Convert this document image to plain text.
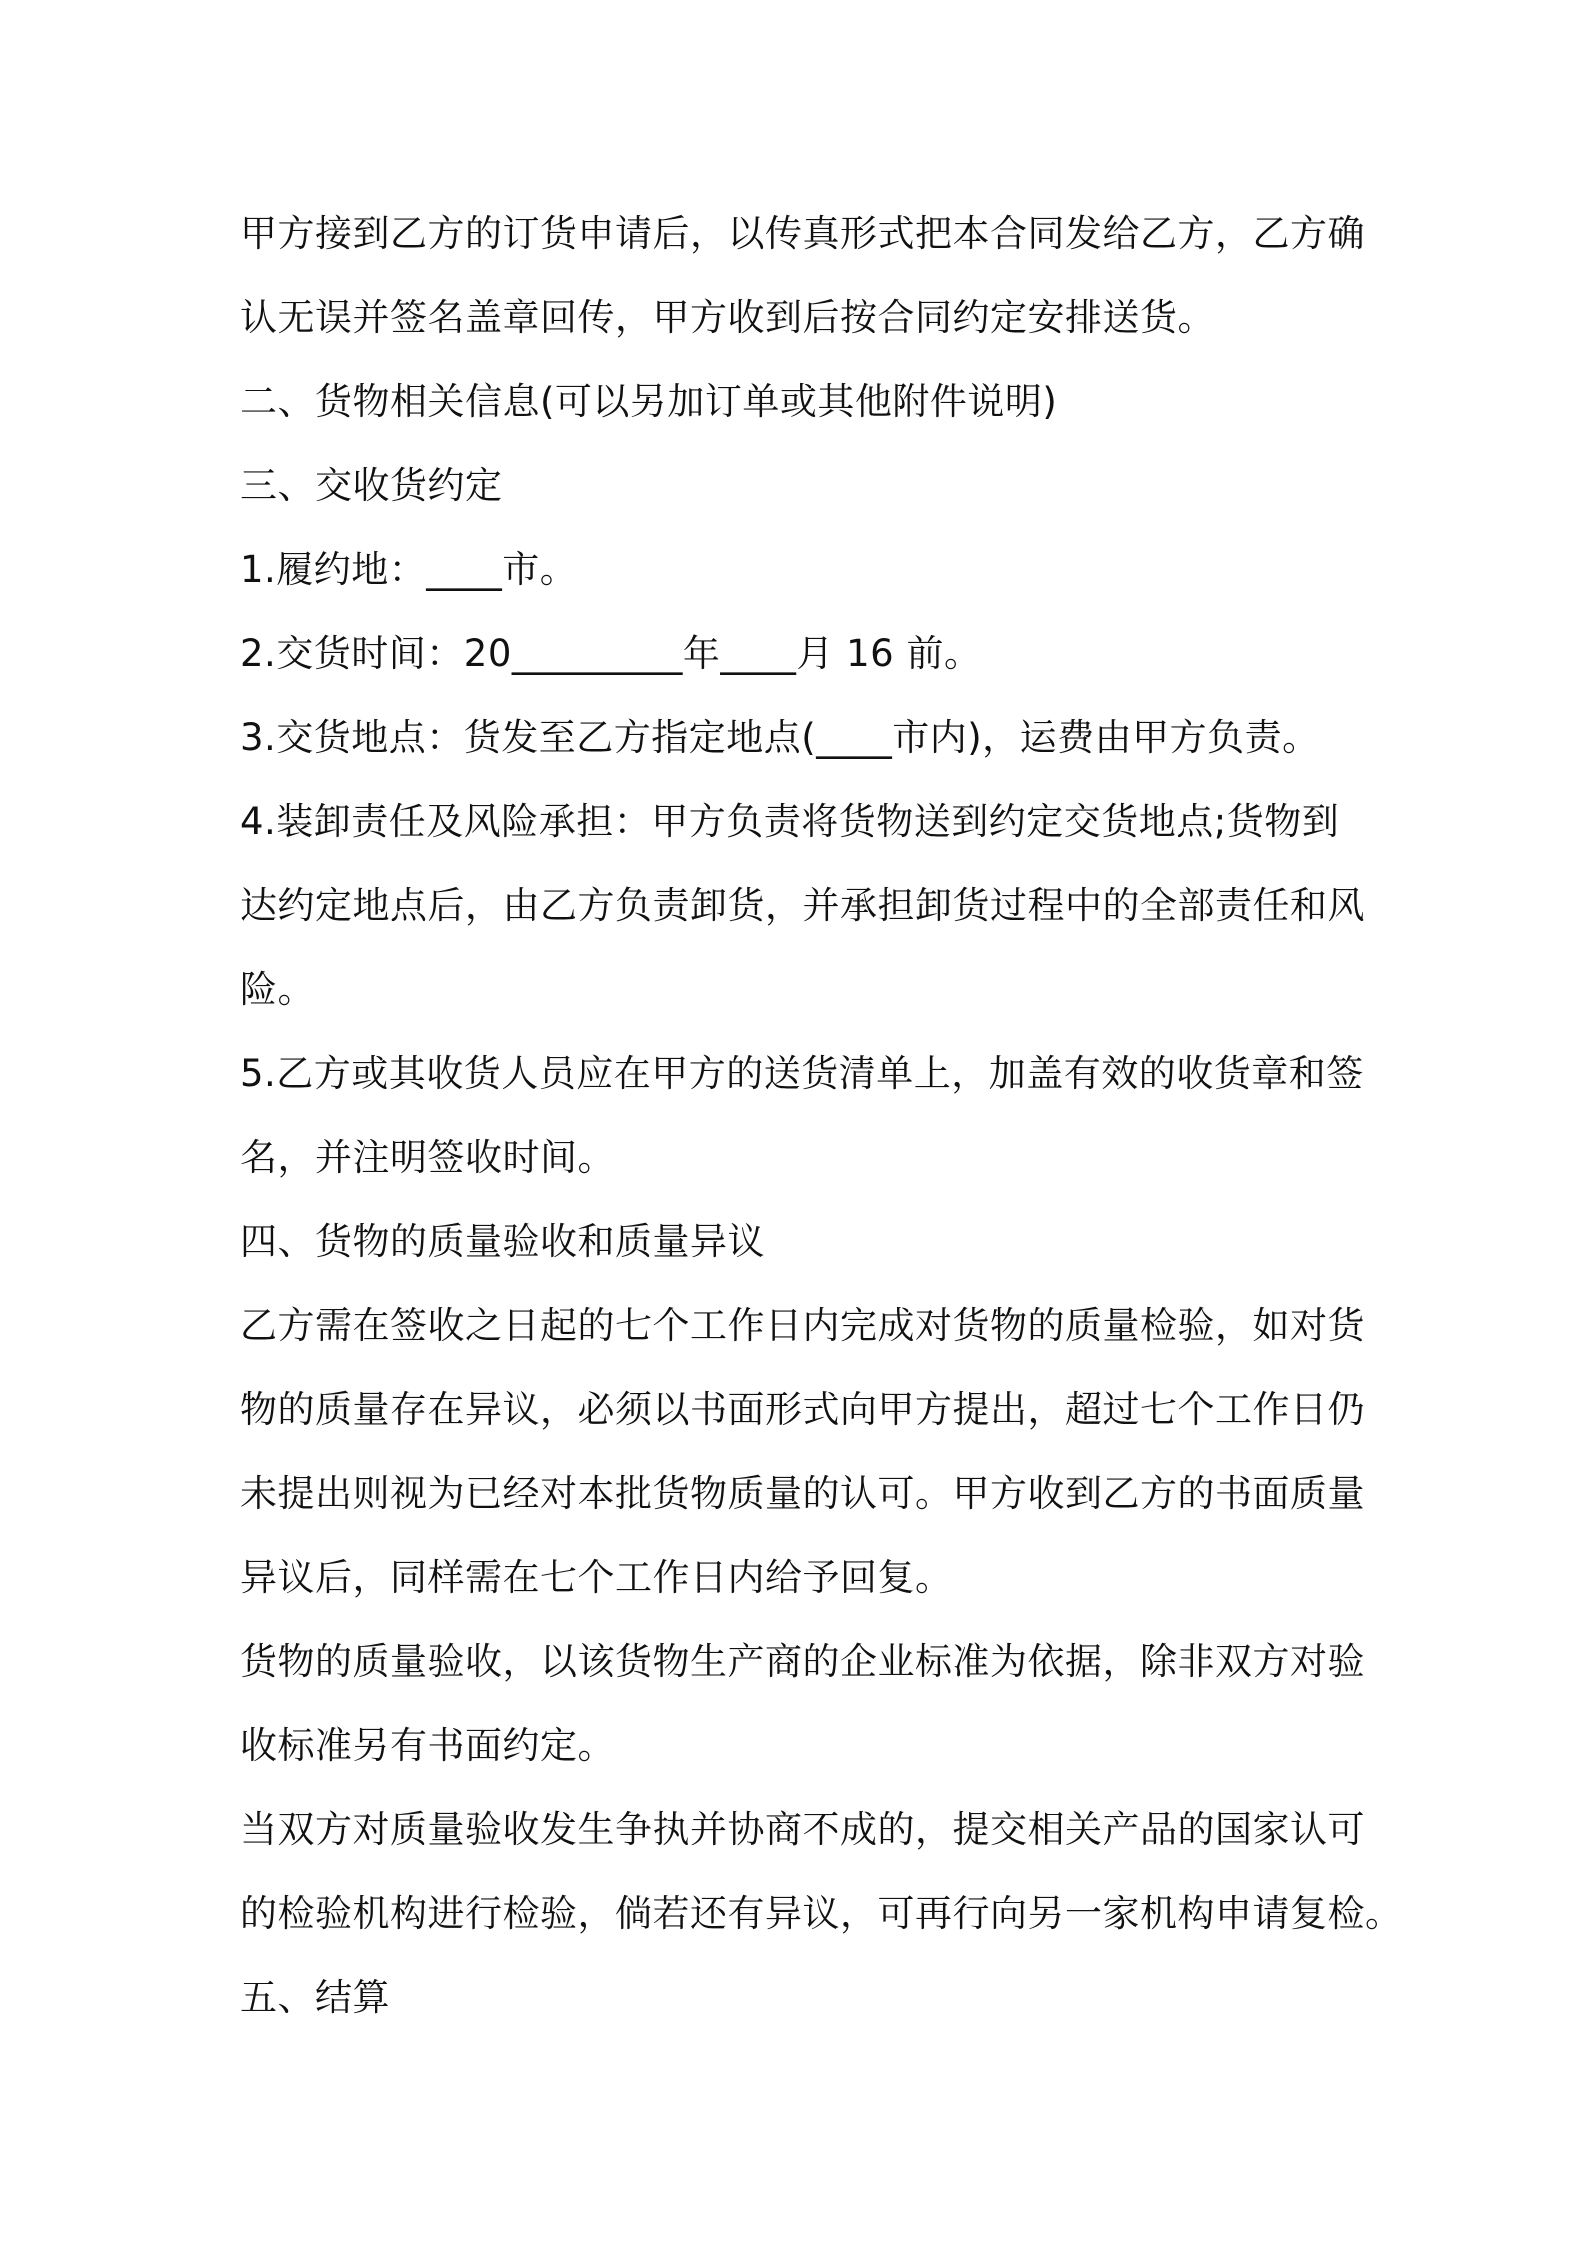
甲方接到乙方的订货申请后，以传真形式把本合同发给乙方，乙方确
认无误并签名盖章回传，甲方收到后按合同约定安排送货。
二、货物相关信息(可以另加订单或其他附件说明)
三、交收货约定
1.履约地：____市。
2.交货时间：20_________年____月 16 前。
3.交货地点：货发至乙方指定地点(____市内)，运费由甲方负责。
4.装卸责任及风险承担：甲方负责将货物送到约定交货地点;货物到
达约定地点后，由乙方负责卸货，并承担卸货过程中的全部责任和风
险。
5.乙方或其收货人员应在甲方的送货清单上，加盖有效的收货章和签
名，并注明签收时间。
四、货物的质量验收和质量异议
乙方需在签收之日起的七个工作日内完成对货物的质量检验，如对货
物的质量存在异议，必须以书面形式向甲方提出，超过七个工作日仍
未提出则视为已经对本批货物质量的认可。甲方收到乙方的书面质量
异议后，同样需在七个工作日内给予回复。
货物的质量验收，以该货物生产商的企业标准为依据，除非双方对验
收标准另有书面约定。
当双方对质量验收发生争执并协商不成的，提交相关产品的国家认可
的检验机构进行检验，倘若还有异议，可再行向另一家机构申请复检。
五、结算
